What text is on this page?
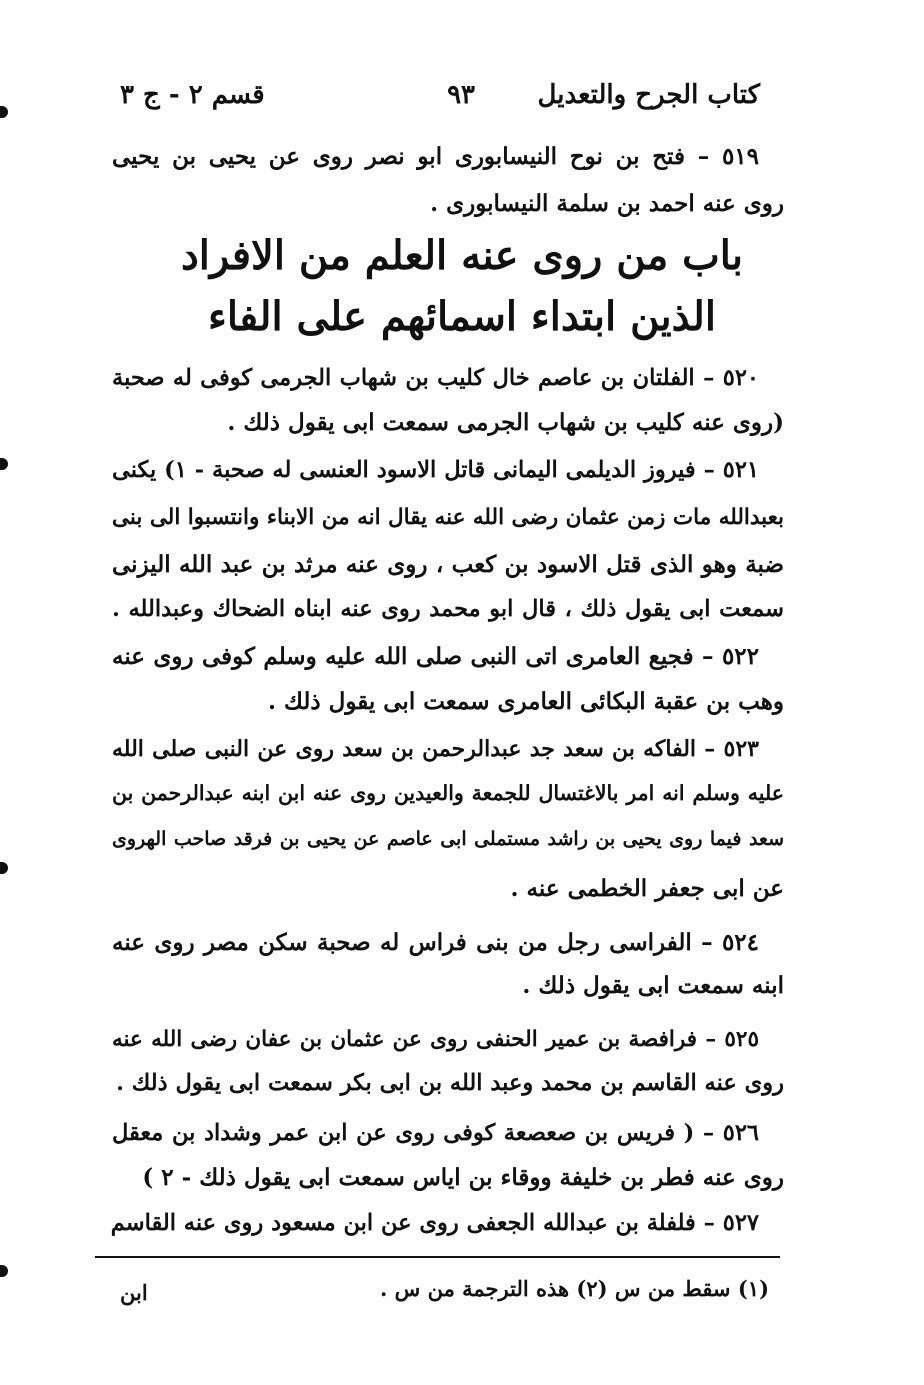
كتاب الجرح والتعديل
٩٣
قسم ٢ - ج ٣
٥١٩ – فتح بن نوح النيسابورى ابو نصر روى عن يحيى بن يحيى
روى عنه احمد بن سلمة النيسابورى .
باب من روى عنه العلم من الافراد
الذين ابتداء اسمائهم على الفاء
٥٢٠ – الفلتان بن عاصم خال كليب بن شهاب الجرمى كوفى له صحبة
(روى عنه كليب بن شهاب الجرمى سمعت ابى يقول ذلك .
٥٢١ – فيروز الديلمى اليمانى قاتل الاسود العنسى له صحبة - ١) يكنى
بعبدالله مات زمن عثمان رضى الله عنه يقال انه من الابناء وانتسبوا الى بنى
ضبة وهو الذى قتل الاسود بن كعب ، روى عنه مرثد بن عبد الله اليزنى
سمعت ابى يقول ذلك ، قال ابو محمد روى عنه ابناه الضحاك وعبدالله .
٥٢٢ – فجيع العامرى اتى النبى صلى الله عليه وسلم كوفى روى عنه
وهب بن عقبة البكائى العامرى سمعت ابى يقول ذلك .
٥٢٣ – الفاكه بن سعد جد عبدالرحمن بن سعد روى عن النبى صلى الله
عليه وسلم انه امر بالاغتسال للجمعة والعيدين روى عنه ابن ابنه عبدالرحمن بن
سعد فيما روى يحيى بن راشد مستملى ابى عاصم عن يحيى بن فرقد صاحب الهروى
عن ابى جعفر الخطمى عنه .
٥٢٤ – الفراسى رجل من بنى فراس له صحبة سكن مصر روى عنه
ابنه سمعت ابى يقول ذلك .
٥٢٥ – فرافصة بن عمير الحنفى روى عن عثمان بن عفان رضى الله عنه
روى عنه القاسم بن محمد وعبد الله بن ابى بكر سمعت ابى يقول ذلك .
٥٢٦ – ( فريس بن صعصعة كوفى روى عن ابن عمر وشداد بن معقل
روى عنه فطر بن خليفة ووقاء بن اياس سمعت ابى يقول ذلك - ٢ )
٥٢٧ – فلفلة بن عبدالله الجعفى روى عن ابن مسعود روى عنه القاسم
(١) سقط من س (٢) هذه الترجمة من س .
ابن
